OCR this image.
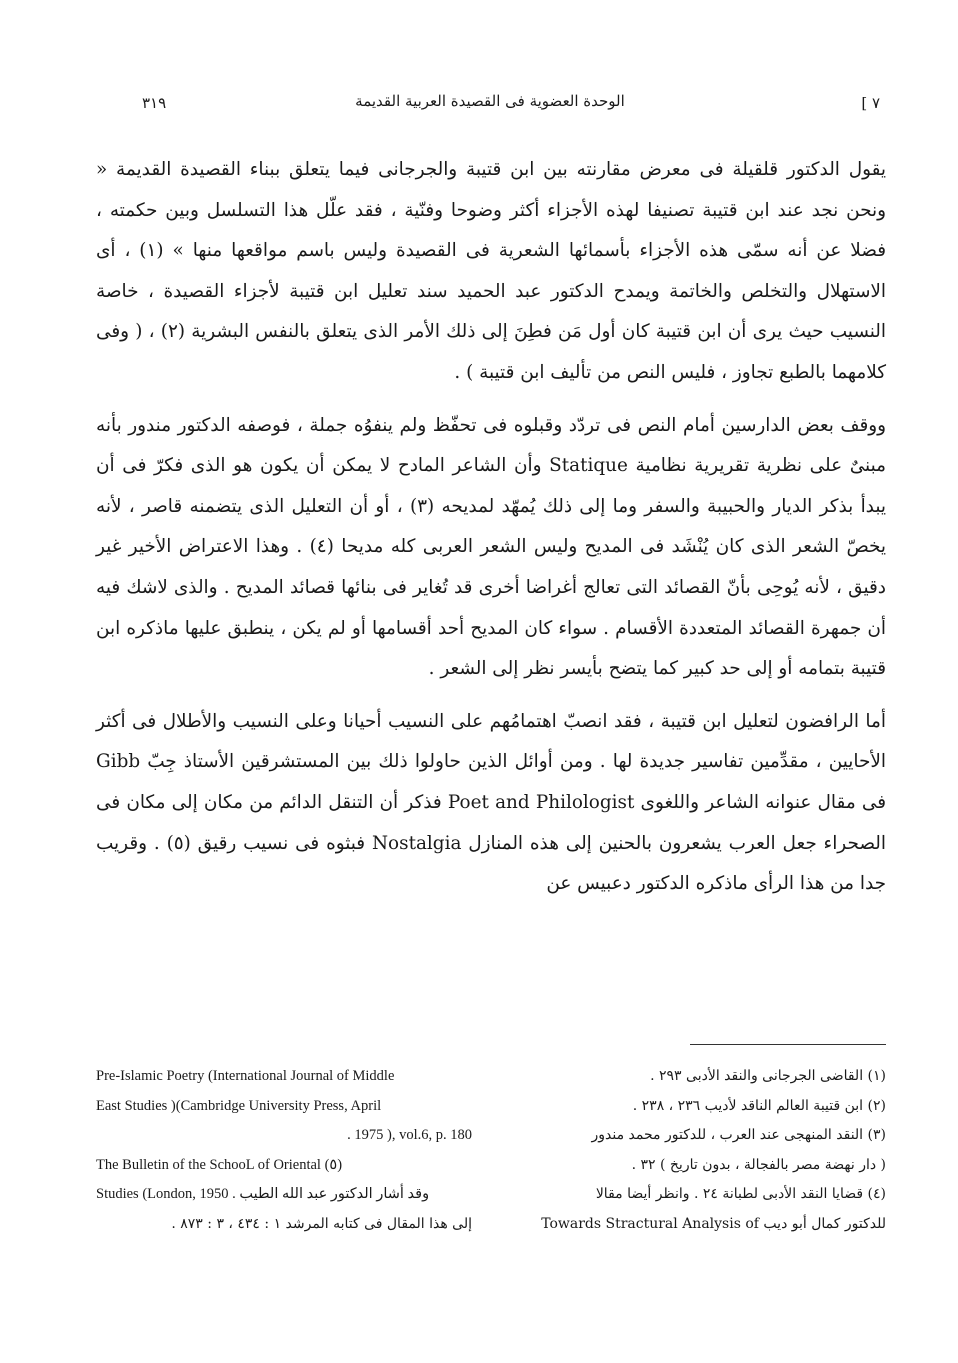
٣١٩	الوحدة العضوية فى القصيدة العربية القديمة	[ ٧

يقول الدكتور قلقيلة فى معرض مقارنته بين ابن قتيبة والجرجانى فيما يتعلق ببناء القصيدة القديمة « ونحن نجد عند ابن قتيبة تصنيفا لهذه الأجزاء أكثر وضوحا وفنّية ، فقد علّل هذا التسلسل وبين حكمته ، فضلا عن أنه سمّى هذه الأجزاء بأسمائها الشعرية فى القصيدة وليس باسم مواقعها منها » (١) ، أى الاستهلال والتخلص والخاتمة ويمدح الدكتور عبد الحميد سند تعليل ابن قتيبة لأجزاء القصيدة ، خاصة النسيب حيث يرى أن ابن قتيبة كان أول مَن فطِنَ إلى ذلك الأمر الذى يتعلق بالنفس البشرية (٢) ، ( وفى كلامهما بالطبع تجاوز ، فليس النص من تأليف ابن قتيبة ) .

ووقف بعض الدارسين أمام النص فى تردّد وقبلوه فى تحفّظ ولم ينفوُه جملة ، فوصفه الدكتور مندور بأنه مبنىٌ على نظرية تقريرية نظامية Statique وأن الشاعر المادح لا يمكن أن يكون هو الذى فكرّ فى أن يبدأ بذكر الديار والحبيبة والسفر وما إلى ذلك يُمهّد لمديحه (٣) ، أو أن التعليل الذى يتضمنه قاصر ، لأنه يخصّ الشعر الذى كان يُنْشَد فى المديح وليس الشعر العربى كله مديحا (٤) . وهذا الاعتراض الأخير غير دقيق ، لأنه يُوحِى بأنّ القصائد التى تعالج أغراضا أخرى قد تُغاير فى بنائها قصائد المديح . والذى لاشك فيه أن جمهرة القصائد المتعددة الأقسام . سواء كان المديح أحد أقسامها أو لم يكن ، ينطبق عليها ماذكره ابن قتيبة بتمامه أو إلى حد كبير كما يتضح بأيسر نظر إلى الشعر .

أما الرافضون لتعليل ابن قتيبة ، فقد انصبّ اهتمامُهم على النسيب أحيانا وعلى النسيب والأطلال فى أكثر الأحايين ، مقدِّمين تفاسير جديدة لها . ومن أوائل الذين حاولوا ذلك بين المستشرقين الأستاذ جِبّ Gibb فى مقال عنوانه الشاعر واللغوى Poet and Philologist فذكر أن التنقل الدائم من مكان إلى مكان فى الصحراء جعل العرب يشعرون بالحنين إلى هذه المنازل Nostalgia فبثوه فى نسيب رقيق (٥) . وقريب جدا من هذا الرأى ماذكره الدكتور دعبيس عن

(١) القاضى الجرجانى والنقد الأدبى ٢٩٣ .
(٢) ابن قتيبة العالم الناقد لأديب ٢٣٦ ، ٢٣٨ .
(٣) النقد المنهجى عند العرب ، للدكتور محمد مندور
( دار نهضة مصر بالفجالة ، بدون تاريخ ) ٣٢ .
(٤) قضايا النقد الأدبى لطبانة ٢٤ . وانظر أيضا مقالا
للدكتور كمال أبو ديب Towards Stractural Analysis of
Pre-Islamic Poetry (International Journal of Middle
East Studies )(Cambridge University Press, April
. 1975 ), vol.6, p. 180
The Bulletin of the SchooL of Oriental (٥)
Studies (London, 1950 . وقد أشار الدكتور عبد الله الطيب
إلى هذا المقال فى كتابه المرشد ١ : ٤٣٤ ، ٣ : ٨٧٣ .
